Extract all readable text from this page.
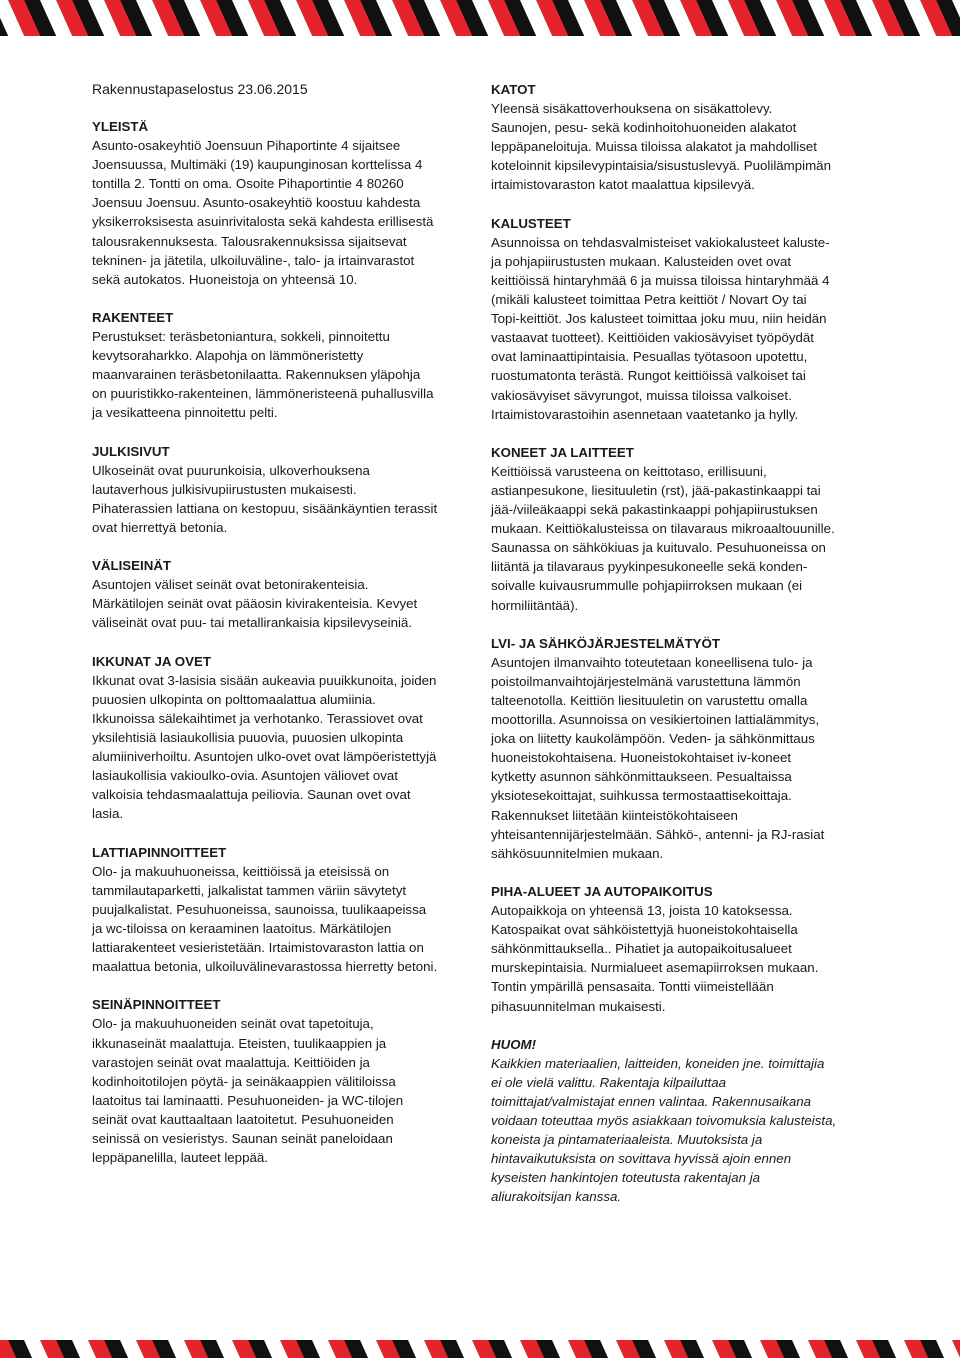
Rakennustapaselostus 23.06.2015
YLEISTÄ

Asunto-osakeyhtiö Joensuun Pihaportinte 4 sijaitsee
Joensuussa, Multimäki (19) kaupunginosan korttelissa 4
tontilla 2. Tontti on oma. Osoite Pihaportintie 4 80260
Joensuu Joensuu. Asunto-osakeyhtiö koostuu kahdesta
yksikerroksisesta asuinrivitalosta sekä kahdesta erillisestä
talousrakennuksesta. Talousrakennuksissa sijaitsevat
tekninen- ja jätetila, ulkoiluväline-, talo- ja irtainvarastot
sekä autokatos. Huoneistoja on yhteensä 10.

RAKENTEET

Perustukset: teräsbetoniantura, sokkeli, pinnoitettu
kevytsoraharkko. Alapohja on lämmöneristetty
maanvarainen teräsbetonilaatta. Rakennuksen yläpohja
on puuristikko-rakenteinen, lämmöneristeenä puhallusvilla
ja vesikatteena pinnoitettu pelti.

JULKISIVUT

Ulkoseinät ovat puurunkoisia, ulkoverhouksena
lautaverhous julkisivupiirustusten mukaisesti.
Pihaterassien lattiana on kestopuu, sisäänkäyntien terassit
ovat hierrettyä betonia.

VÄLISEINÄT

Asuntojen väliset seinät ovat betonirakenteisia.
Märkätilojen seinät ovat pääosin kivirakenteisia. Kevyet
väliseinät ovat puu- tai metallirankaisia kipsilevyseiniä.

IKKUNAT JA OVET

Ikkunat ovat 3-lasisia sisään aukeavia puuikkunoita, joiden
puuosien ulkopinta on polttomaalattua alumiinia.
Ikkunoissa sälekaihtimet ja verhotanko. Terassiovet ovat
yksilehtisiä lasiaukollisia puuovia, puuosien ulkopinta
alumiiniverhoiltu. Asuntojen ulko-ovet ovat lämpöeristettyjä
lasiaukollisia vakioulko-ovia. Asuntojen väliovet ovat
valkoisia tehdasmaalattuja peiliovia. Saunan ovet ovat
lasia.

LATTIAPINNOITTEET

Olo- ja makuuhuoneissa, keittiöissä ja eteisissä on
tammilautaparketti, jalkalistat tammen väriin sävytetyt
puujalkalistat. Pesuhuoneissa, saunoissa, tuulikaapeissa
ja wc-tiloissa on keraaminen laatoitus. Märkätilojen
lattiarakenteet vesieristetään. Irtaimistovaraston lattia on
maalattua betonia, ulkoiluvälinevarastossa hierretty betoni.

SEINÄPINNOITTEET

Olo- ja makuuhuoneiden seinät ovat tapetoituja,
ikkunaseinät maalattuja. Eteisten, tuulikaappien ja
varastojen seinät ovat maalattuja. Keittiöiden ja
kodinhoitotilojen pöytä- ja seinäkaappien välitiloissa
laatoitus tai laminaatti. Pesuhuoneiden- ja WC-tilojen
seinät ovat kauttaaltaan laatoitetut. Pesuhuoneiden
seinissä on vesieristys. Saunan seinät paneloidaan
leppäpanelilla, lauteet leppää.

KATOT

Yleensä sisäkattoverhouksena on sisäkattolevy.
Saunojen, pesu- sekä kodinhoitohuoneiden alakatot
leppäpaneloituja. Muissa tiloissa alakatot ja mahdolliset
koteloinnit kipsilevypintaisia/sisustuslevyä. Puolilämpimän
irtaimistovaraston katot maalattua kipsilevyä.

KALUSTEET

Asunnoissa on tehdasvalmisteiset vakiokalusteet kaluste-
ja pohjapiirustusten mukaan. Kalusteiden ovet ovat
keittiöissä hintaryhmää 6 ja muissa tiloissa hintaryhmää 4
(mikäli kalusteet toimittaa Petra keittiöt / Novart Oy tai
Topi-keittiöt. Jos kalusteet toimittaa joku muu, niin heidän
vastaavat tuotteet). Keittiöiden vakiosävyiset työpöydät
ovat laminaattipintaisia. Pesuallas työtasoon upotettu,
ruostumatonta terästä. Rungot keittiöissä valkoiset tai
vakiosävyiset sävyrungot, muissa tiloissa valkoiset.
Irtaimistovarastoihin asennetaan vaatetanko ja hylly.

KONEET JA LAITTEET

Keittiöissä varusteena on keittotaso, erillisuuni,
astianpesukone, liesituuletin (rst), jää-pakastinkaappi tai
jää-/viileäkaappi sekä pakastinkaappi pohjapiirustuksen
mukaan. Keittiökalusteissa on tilavaraus mikroaaltouunille.
Saunassa on sähkökiuas ja kuituvalo. Pesuhuoneissa on
liitäntä ja tilavaraus pyykinpesukoneelle sekä konden-
soivalle kuivausrummulle pohjapiirroksen mukaan (ei
hormiliitäntää).

LVI- JA SÄHKÖJÄRJESTELMÄTYÖT

Asuntojen ilmanvaihto toteutetaan koneellisena tulo- ja
poistoilmanvaihtojärjestelmänä varustettuna lämmön
talteenotolla. Keittiön liesituuletin on varustettu omalla
moottorilla. Asunnoissa on vesikiertoinen lattialämmitys,
joka on liitetty kaukolämpöön. Veden- ja sähkönmittaus
huoneistokohtaisena. Huoneistokohtaiset iv-koneet
kytketty asunnon sähkönmittaukseen. Pesualtaissa
yksiotesekoittajat, suihkussa termostaattisekoittaja.
Rakennukset liitetään kiinteistökohtaiseen
yhteisantennijärjestelmään. Sähkö-, antenni- ja RJ-rasiat
sähkösuunnitelmien mukaan.

PIHA-ALUEET JA AUTOPAIKOITUS

Autopaikkoja on yhteensä 13, joista 10 katoksessa.
Katospaikat ovat sähköistettyjä huoneistokohtaisella
sähkönmittauksella.. Pihatiet ja autopaikoitusalueet
murskepintaisia. Nurmialueet asemapiirroksen mukaan.
Tontin ympärillä pensasaita. Tontti viimeistellään
pihasuunnitelman mukaisesti.

HUOM!

Kaikkien materiaalien, laitteiden, koneiden jne. toimittajia
ei ole vielä valittu. Rakentaja kilpailuttaa
toimittajat/valmistajat ennen valintaa. Rakennusaikana
voidaan toteuttaa myös asiakkaan toivomuksia kalusteista,
koneista ja pintamateriaaleista. Muutoksista ja
hintavaikutuksista on sovittava hyvissä ajoin ennen
kyseisten hankintojen toteutusta rakentajan ja
aliurakoitsijan kanssa.
